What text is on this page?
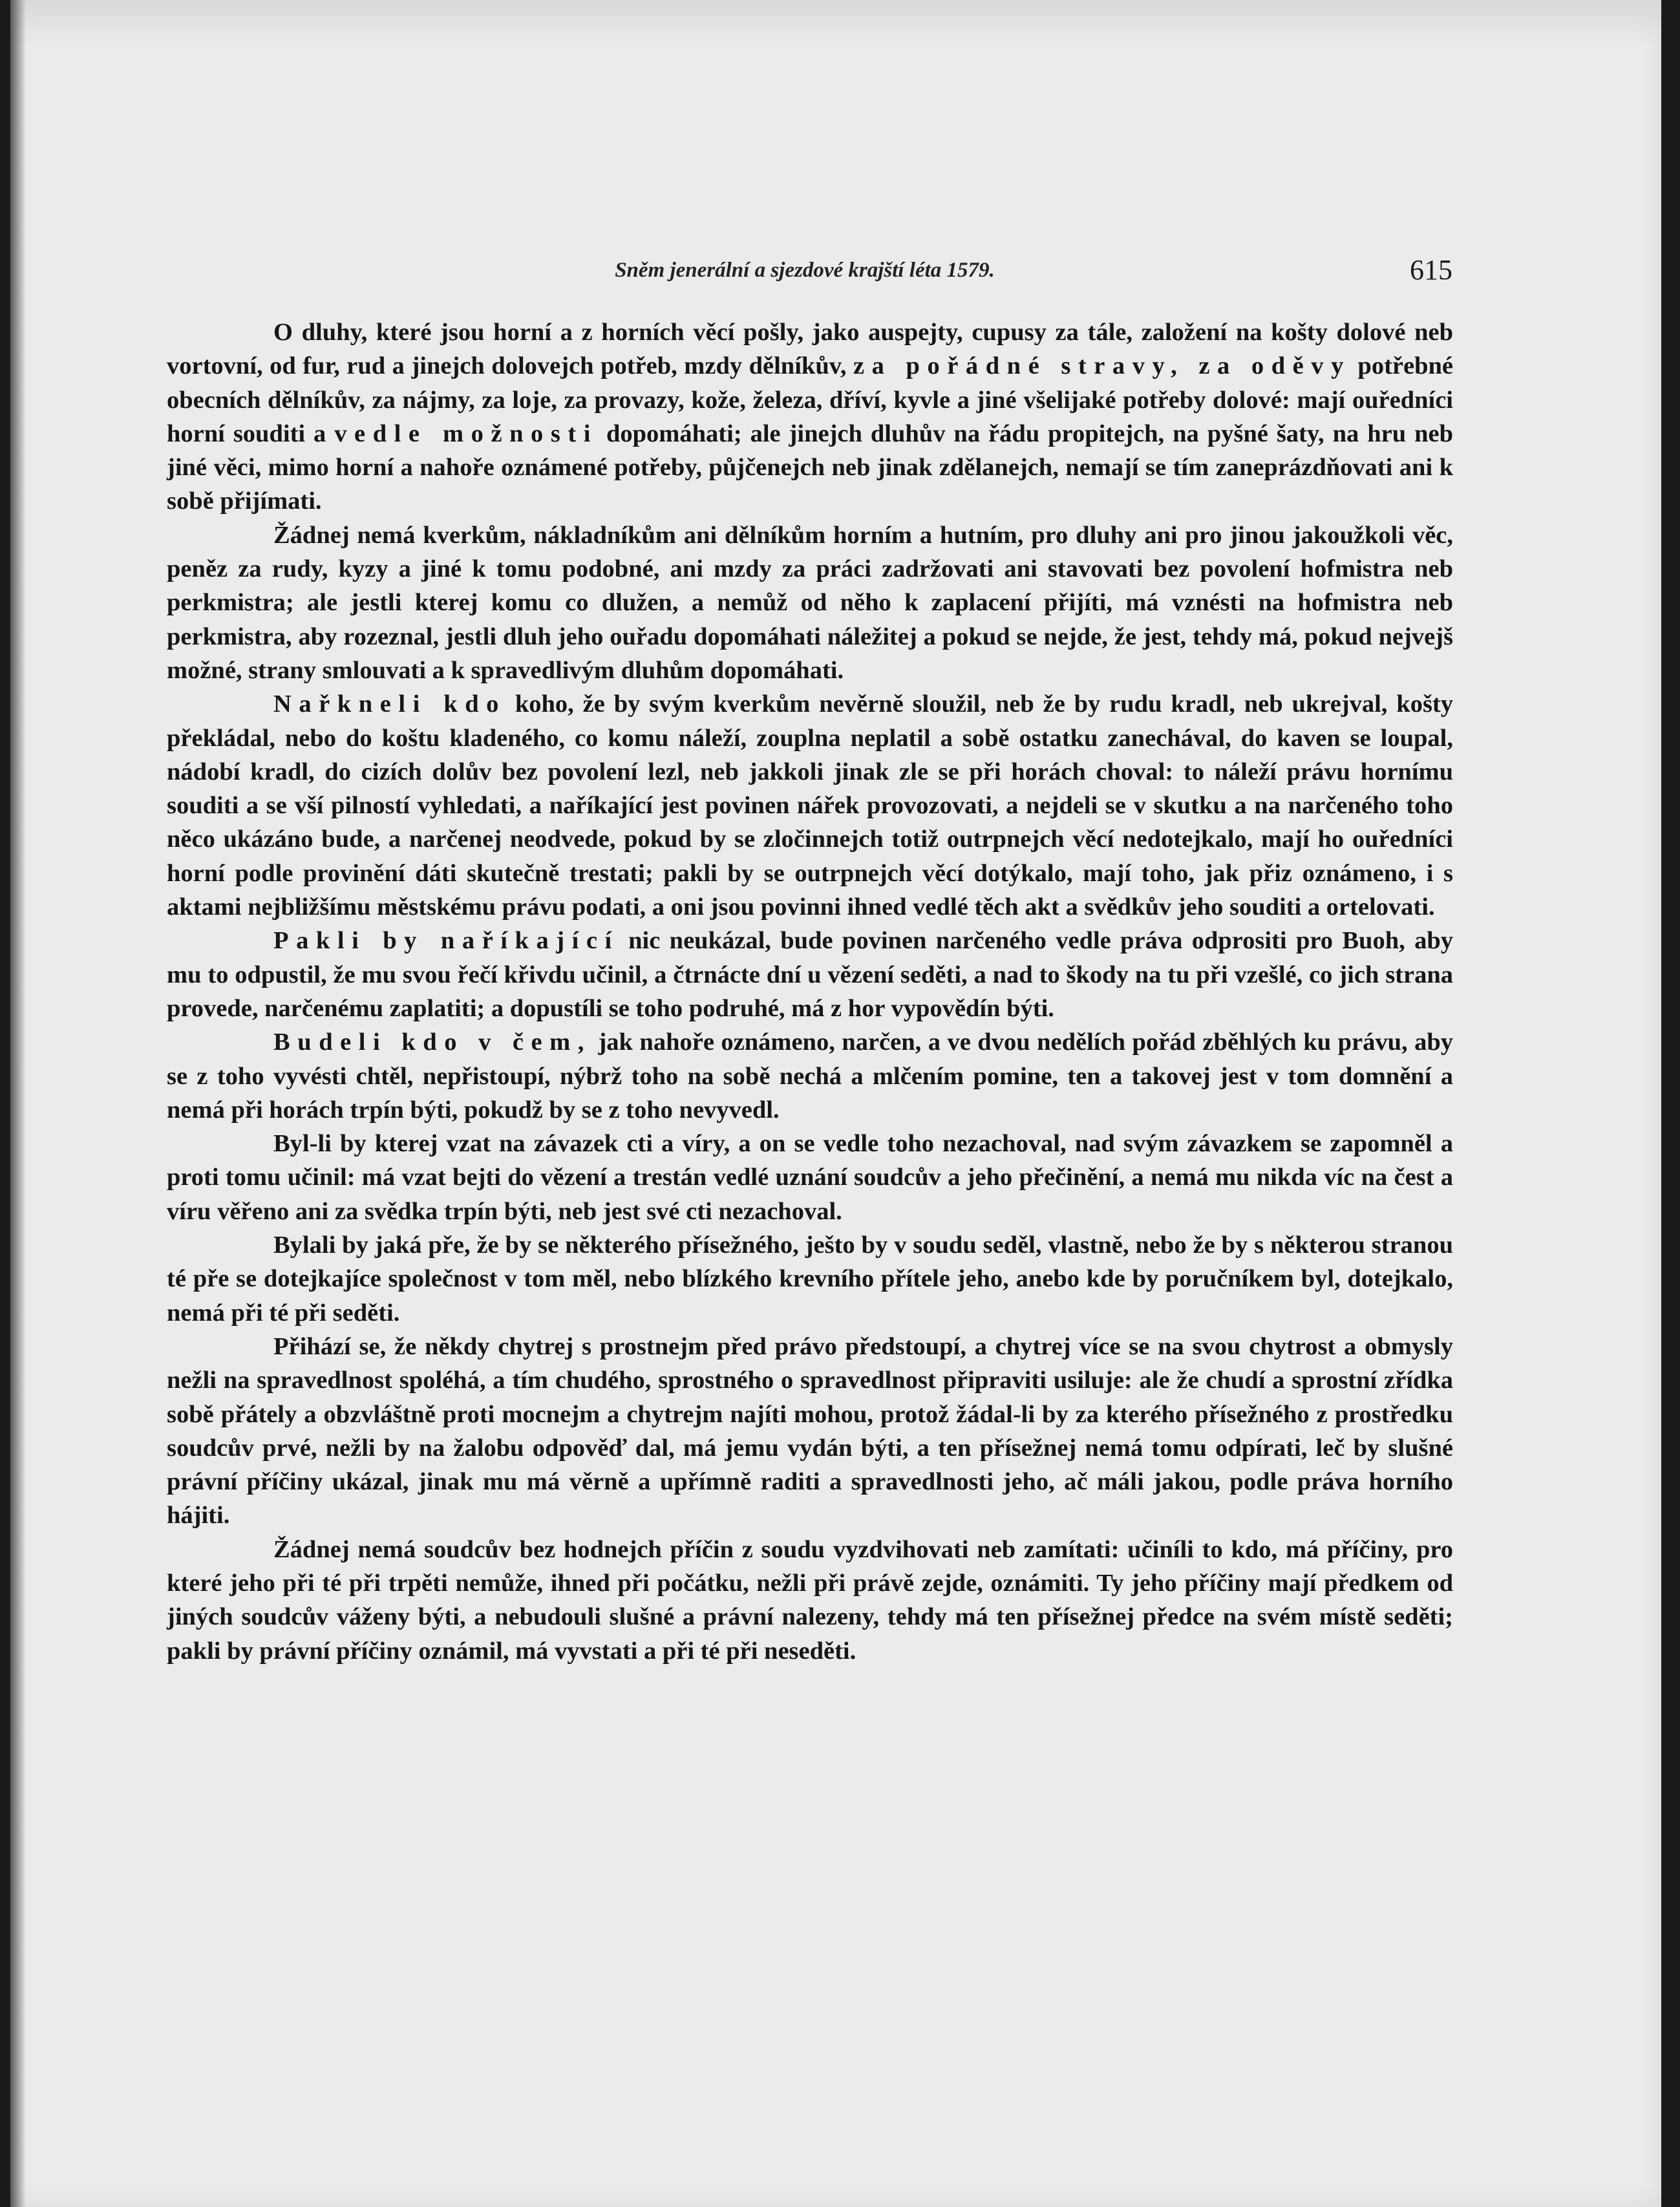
Sněm jenerální a sjezdové krajští léta 1579.	615

O dluhy, které jsou horní a z horních věcí pošly, jako auspejty, cupusy za tále, založení na košty dolové neb vortovní, od fur, rud a jinejch dolovejch potřeb, mzdy dělníkův, za pořádné stravy, za oděvy potřebné obecních dělníkův, za nájmy, za loje, za provazy, kože, železa, dříví, kyvle a jiné všelijaké potřeby dolové: mají ouředníci horní souditi a vedle možnosti dopomáhati; ale jinejch dluhův na řádu propitejch, na pyšné šaty, na hru neb jiné věci, mimo horní a nahoře oznámené potřeby, půjčenejch neb jinak zdělanejch, nemají se tím zaneprázdňovati ani k sobě přijímati.

Žádnej nemá kverkům, nákladníkům ani dělníkům horním a hutním, pro dluhy ani pro jinou jakoužkoli věc, peněz za rudy, kyzy a jiné k tomu podobné, ani mzdy za práci zadržovati ani stavovati bez povolení hofmistra neb perkmistra; ale jestli kterej komu co dlužen, a nemůž od něho k zaplacení přijíti, má vznésti na hofmistra neb perkmistra, aby rozeznal, jestli dluh jeho ouřadu dopomáhati náležitej a pokud se nejde, že jest, tehdy má, pokud nejvejš možné, strany smlouvati a k spravedlivým dluhům dopomáhati.

Nařkneli kdo koho, že by svým kverkům nevěrně sloužil, neb že by rudu kradl, neb ukrejval, košty překládal, nebo do koštu kladeného, co komu náleží, zouplna neplatil a sobě ostatku zanechával, do kaven se loupal, nádobí kradl, do cizích dolův bez povolení lezl, neb jakkoli jinak zle se při horách choval: to náleží právu hornímu souditi a se vší pilností vyhledati, a naříkající jest povinen nářek provozovati, a nejdeli se v skutku a na narčeného toho něco ukázáno bude, a narčenej neodvede, pokud by se zločinnejch totiž outrpnejch věcí nedotejkalo, mají ho ouředníci horní podle provinění dáti skutečně trestati; pakli by se outrpnejch věcí dotýkalo, mají toho, jak přiz oznámeno, i s aktami nejbližšímu městskému právu podati, a oni jsou povinni ihned vedlé těch akt a svědkův jeho souditi a ortelovati.

Pakli by naříkající nic neukázal, bude povinen narčeného vedle práva odprositi pro Buoh, aby mu to odpustil, že mu svou řečí křivdu učinil, a čtrnácte dní u vězení seděti, a nad to škody na tu při vzešlé, co jich strana provede, narčenému zaplatiti; a dopustíli se toho podruhé, má z hor vypovědín býti.

Budeli kdo v čem, jak nahoře oznámeno, narčen, a ve dvou nedělích pořád zběhlých ku právu, aby se z toho vyvésti chtěl, nepřistoupí, nýbrž toho na sobě nechá a mlčením pomine, ten a takovej jest v tom domnění a nemá při horách trpín býti, pokudž by se z toho nevyvedl.

Byl-li by kterej vzat na závazek cti a víry, a on se vedle toho nezachoval, nad svým závazkem se zapomněl a proti tomu učinil: má vzat bejti do vězení a trestán vedlé uznání soudcův a jeho přečinění, a nemá mu nikda víc na čest a víru věřeno ani za svědka trpín býti, neb jest své cti nezachoval.

Bylali by jaká pře, že by se některého přísežného, ješto by v soudu seděl, vlastně, nebo že by s některou stranou té pře se dotejkajíce společnost v tom měl, nebo blízkého krevního přítele jeho, anebo kde by poručníkem byl, dotejkalo, nemá při té při seděti.

Přihází se, že někdy chytrej s prostnejm před právo předstoupí, a chytrej více se na svou chytrost a obmysly nežli na spravedlnost spoléhá, a tím chudého, sprostného o spravedlnost připraviti usiluje: ale že chudí a sprostní zřídka sobě přátely a obzvláštně proti mocnejm a chytrejm najíti mohou, protož žádal-li by za kterého přísežného z prostředku soudcův prvé, nežli by na žalobu odpověď dal, má jemu vydán býti, a ten přísežnej nemá tomu odpírati, leč by slušné právní příčiny ukázal, jinak mu má věrně a upřímně raditi a spravedlnosti jeho, ač máli jakou, podle práva horního hájiti.

Žádnej nemá soudcův bez hodnejch příčin z soudu vyzdvihovati neb zamítati: učiníli to kdo, má příčiny, pro které jeho při té při trpěti nemůže, ihned při počátku, nežli při právě zejde, oznámiti. Ty jeho příčiny mají předkem od jiných soudcův váženy býti, a nebudouli slušné a právní nalezeny, tehdy má ten přísežnej předce na svém místě seděti; pakli by právní příčiny oznámil, má vyvstati a při té při neseděti.
